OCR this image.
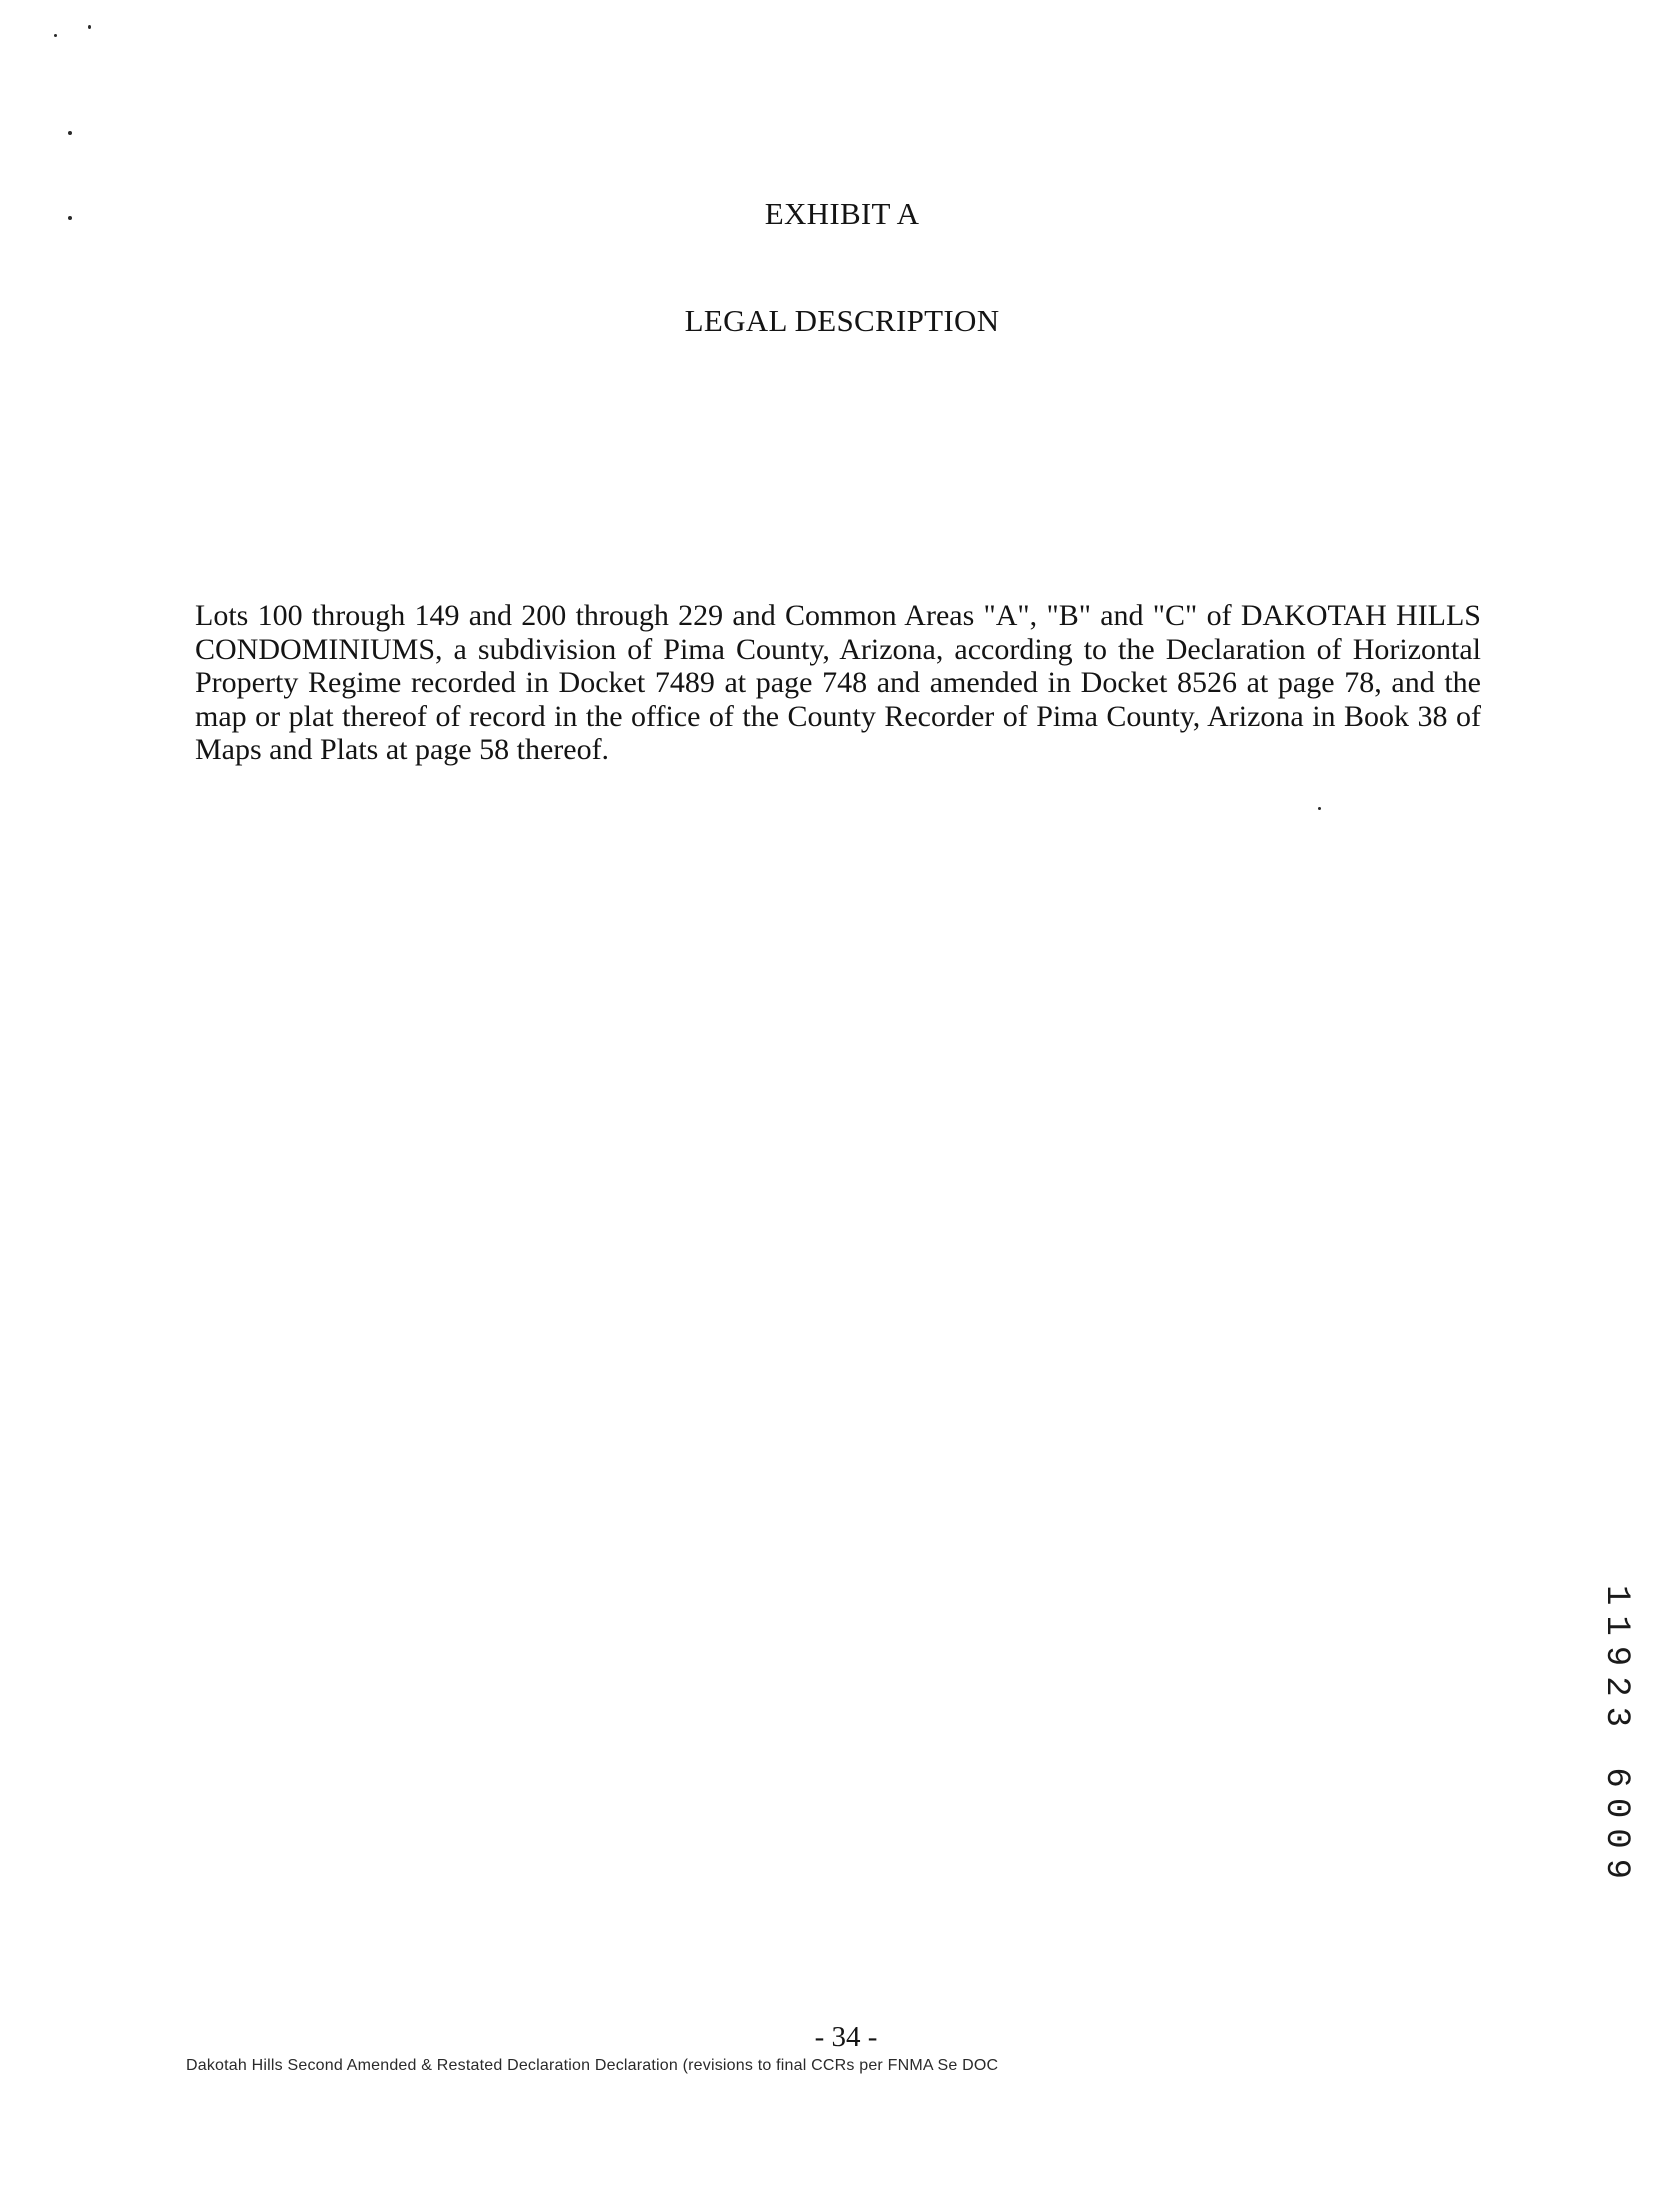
EXHIBIT A
LEGAL DESCRIPTION

Lots 100 through 149 and 200 through 229 and Common Areas "A", "B" and "C" of DAKOTAH HILLS CONDOMINIUMS, a subdivision of Pima County, Arizona, according to the Declaration of Horizontal Property Regime recorded in Docket 7489 at page 748 and amended in Docket 8526 at page 78, and the map or plat thereof of record in the office of the County Recorder of Pima County, Arizona in Book 38 of Maps and Plats at page 58 thereof.

11923 6009
- 34 -
Dakotah Hills Second Amended & Restated Declaration Declaration (revisions to final CCRs per FNMA Se DOC
